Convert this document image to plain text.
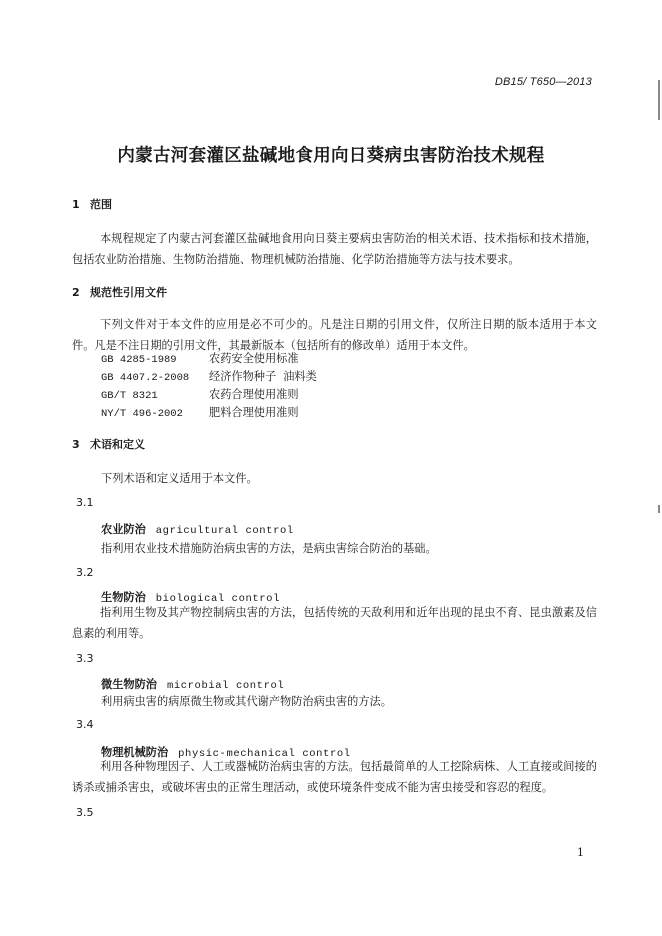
DB15/ T650—2013
内蒙古河套灌区盐碱地食用向日葵病虫害防治技术规程
1 范围
本规程规定了内蒙古河套灌区盐碱地食用向日葵主要病虫害防治的相关术语、技术指标和技术措施，包括农业防治措施、生物防治措施、物理机械防治措施、化学防治措施等方法与技术要求。
2 规范性引用文件
下列文件对于本文件的应用是必不可少的。凡是注日期的引用文件，仅所注日期的版本适用于本文件。凡是不注日期的引用文件，其最新版本（包括所有的修改单）适用于本文件。
GB 4285-1989	农药安全使用标准
GB 4407.2-2008 经济作物种子  油料类
GB/T 8321	农药合理使用准则
NY/T 496-2002 肥料合理使用准则
3 术语和定义
下列术语和定义适用于本文件。
3.1
农业防治 agricultural control
指利用农业技术措施防治病虫害的方法，是病虫害综合防治的基础。
3.2
生物防治 biological control
指利用生物及其产物控制病虫害的方法，包括传统的天敌利用和近年出现的昆虫不育、昆虫激素及信息素的利用等。
3.3
微生物防治 microbial control
利用病虫害的病原微生物或其代谢产物防治病虫害的方法。
3.4
物理机械防治 physic-mechanical control
利用各种物理因子、人工或器械防治病虫害的方法。包括最简单的人工挖除病株、人工直接或间接的诱杀或捕杀害虫，或破坏害虫的正常生理活动，或使环境条件变成不能为害虫接受和容忍的程度。
3.5
1
